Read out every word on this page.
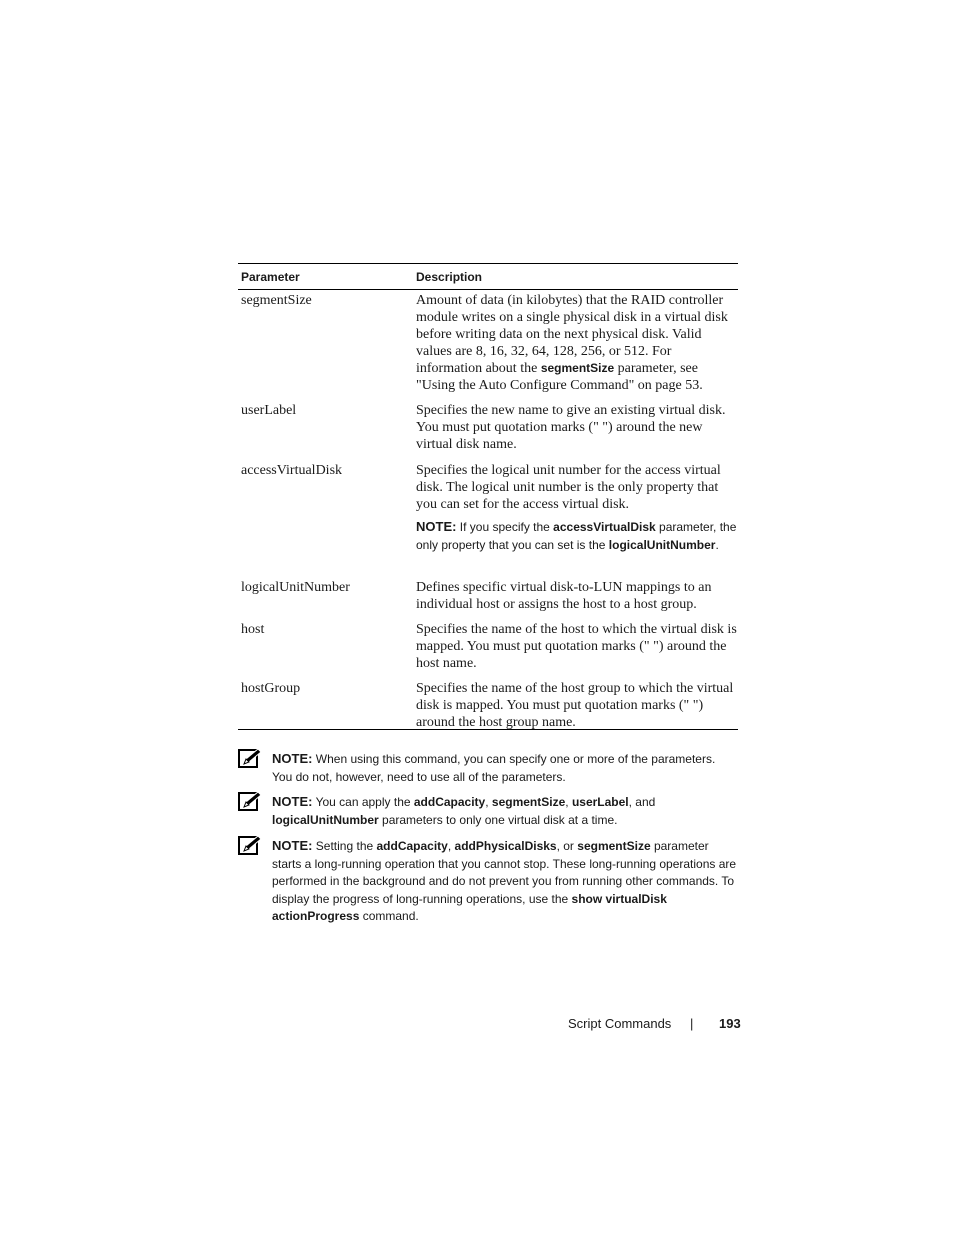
Parameter	Description
segmentSize	Amount of data (in kilobytes) that the RAID controller module writes on a single physical disk in a virtual disk before writing data on the next physical disk. Valid values are 8, 16, 32, 64, 128, 256, or 512. For information about the segmentSize parameter, see "Using the Auto Configure Command" on page 53.
userLabel	Specifies the new name to give an existing virtual disk. You must put quotation marks (" ") around the new virtual disk name.
accessVirtualDisk	Specifies the logical unit number for the access virtual disk. The logical unit number is the only property that you can set for the access virtual disk.
NOTE: If you specify the accessVirtualDisk parameter, the only property that you can set is the logicalUnitNumber.
logicalUnitNumber	Defines specific virtual disk-to-LUN mappings to an individual host or assigns the host to a host group.
host	Specifies the name of the host to which the virtual disk is mapped. You must put quotation marks (" ") around the host name.
hostGroup	Specifies the name of the host group to which the virtual disk is mapped. You must put quotation marks (" ") around the host group name.
NOTE: When using this command, you can specify one or more of the parameters. You do not, however, need to use all of the parameters.
NOTE: You can apply the addCapacity, segmentSize, userLabel, and logicalUnitNumber parameters to only one virtual disk at a time.
NOTE: Setting the addCapacity, addPhysicalDisks, or segmentSize parameter starts a long-running operation that you cannot stop. These long-running operations are performed in the background and do not prevent you from running other commands. To display the progress of long-running operations, use the show virtualDisk actionProgress command.
Script Commands | 193
